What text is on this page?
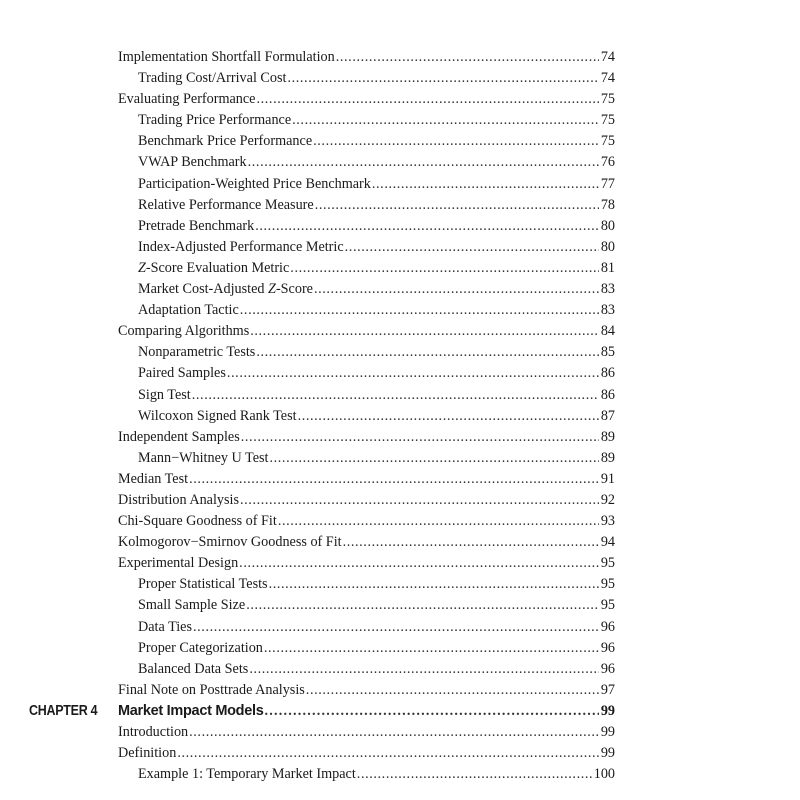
Implementation Shortfall Formulation .....	74
Trading Cost/Arrival Cost .....	74
Evaluating Performance .....	75
Trading Price Performance .....	75
Benchmark Price Performance .....	75
VWAP Benchmark .....	76
Participation-Weighted Price Benchmark .....	77
Relative Performance Measure .....	78
Pretrade Benchmark .....	80
Index-Adjusted Performance Metric .....	80
Z-Score Evaluation Metric .....	81
Market Cost-Adjusted Z-Score .....	83
Adaptation Tactic .....	83
Comparing Algorithms .....	84
Nonparametric Tests .....	85
Paired Samples .....	86
Sign Test .....	86
Wilcoxon Signed Rank Test .....	87
Independent Samples .....	89
Mann−Whitney U Test .....	89
Median Test .....	91
Distribution Analysis .....	92
Chi-Square Goodness of Fit .....	93
Kolmogorov−Smirnov Goodness of Fit .....	94
Experimental Design .....	95
Proper Statistical Tests .....	95
Small Sample Size .....	95
Data Ties .....	96
Proper Categorization .....	96
Balanced Data Sets .....	96
Final Note on Posttrade Analysis .....	97
CHAPTER 4 Market Impact Models .....	99
Introduction .....	99
Definition .....	99
Example 1: Temporary Market Impact .....	100
